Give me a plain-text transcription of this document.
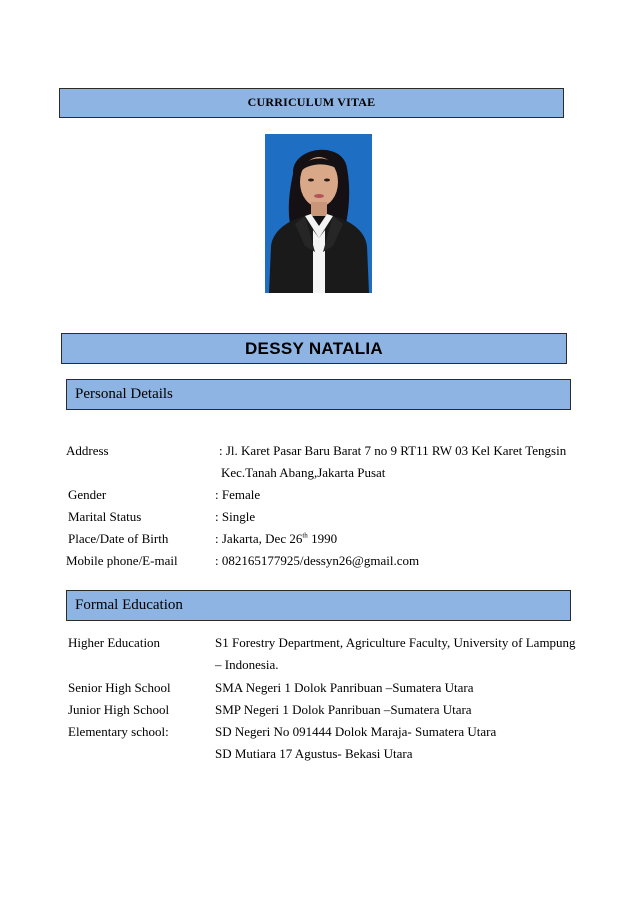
CURRICULUM VITAE
DESSY NATALIA
Personal Details
Address	: Jl. Karet Pasar Baru Barat 7 no 9 RT11 RW 03 Kel Karet Tengsin
Kec.Tanah Abang,Jakarta Pusat
Gender	: Female
Marital Status	: Single
Place/Date of Birth	: Jakarta, Dec 26th 1990
Mobile phone/E-mail	: 082165177925/dessyn26@gmail.com
Formal Education
Higher Education	S1 Forestry Department, Agriculture Faculty, University of Lampung
– Indonesia.
Senior High School	SMA Negeri 1 Dolok Panribuan –Sumatera Utara
Junior High School	SMP Negeri 1 Dolok Panribuan –Sumatera Utara
Elementary school:	SD Negeri No 091444 Dolok Maraja- Sumatera Utara
SD Mutiara 17 Agustus- Bekasi Utara
